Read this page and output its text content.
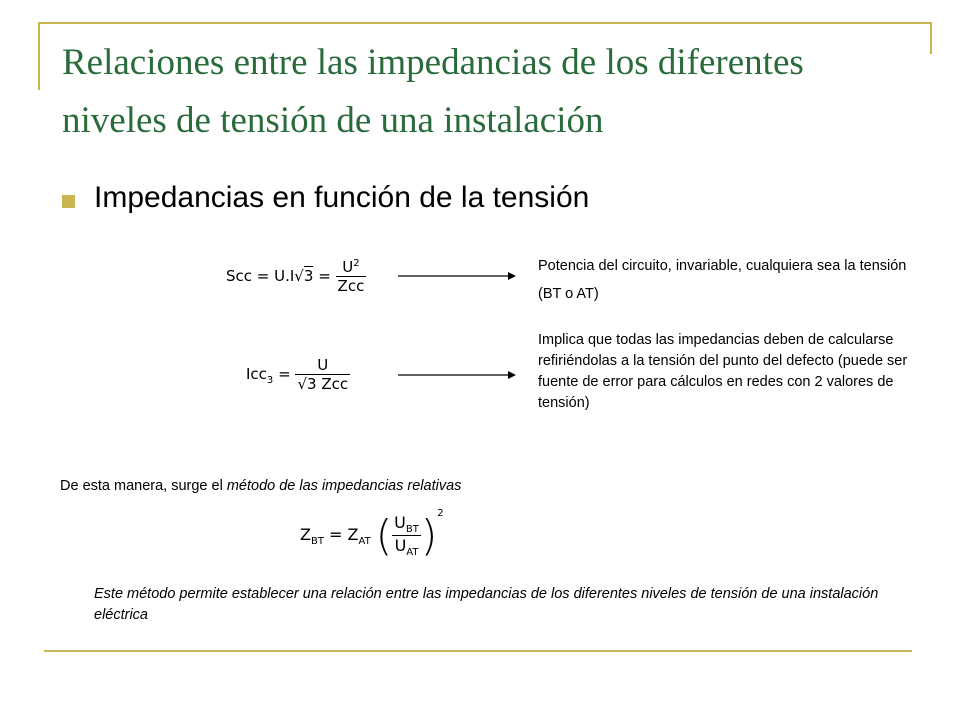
Relaciones entre las impedancias de los diferentes
niveles de tensión de una instalación
Impedancias en función de la tensión
Scc = $U.I√3 = \frac{U^2}{\text{Zcc}}$	Potencia del circuito, invariable, cualquiera sea la tensión (BT o AT)
$Icc_3 = \frac{U}{\text{√3 Zcc}}$
Implica que todas las impedancias deben de calcularse refiriéndolas a la tensión del punto del defecto (puede ser fuente de error para cálculos en redes con 2 valores de tensión)
De esta manera, surge el método de las impedancias relativas
$Z_{BT} = Z_{AT}$ ( $\frac{U_{BT}}{U_{AT}} )^2$
Este método permite establecer una relación entre las impedancias de los diferentes niveles de tensión de una instalación eléctrica
